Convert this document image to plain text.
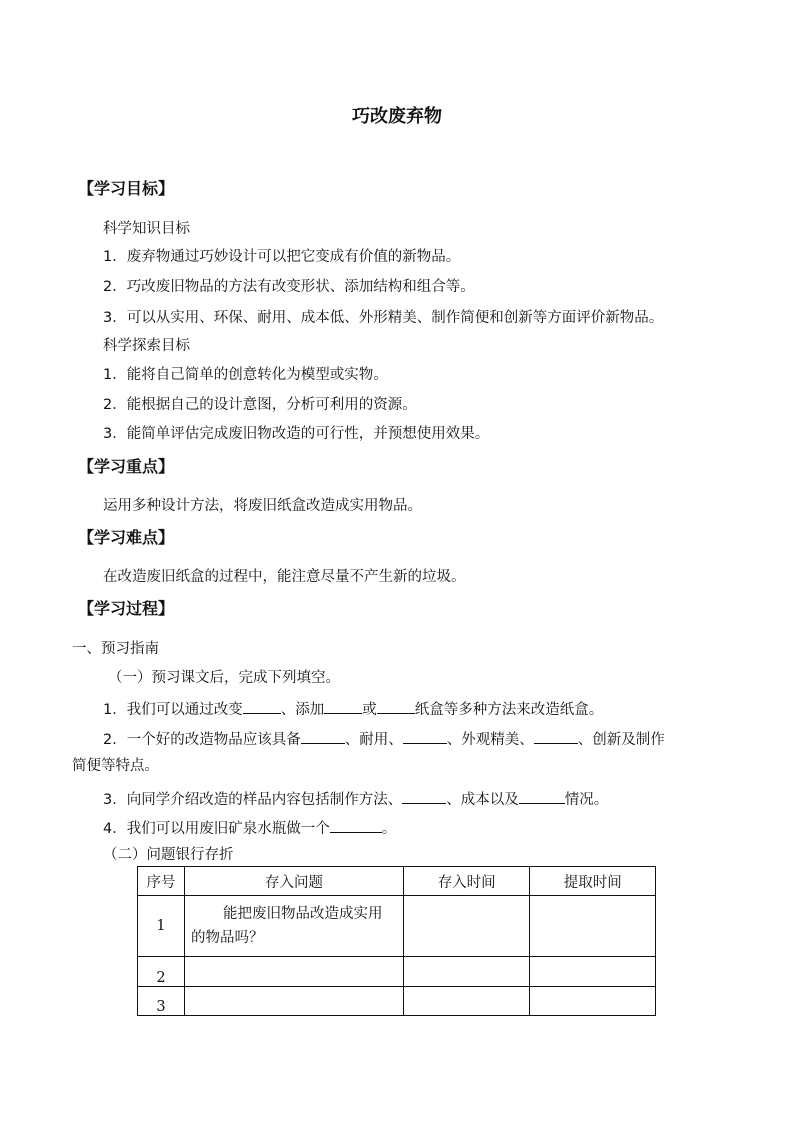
巧改废弃物
【学习目标】
科学知识目标
1．废弃物通过巧妙设计可以把它变成有价值的新物品。
2．巧改废旧物品的方法有改变形状、添加结构和组合等。
3．可以从实用、环保、耐用、成本低、外形精美、制作简便和创新等方面评价新物品。
科学探索目标
1．能将自己简单的创意转化为模型或实物。
2．能根据自己的设计意图，分析可利用的资源。
3．能简单评估完成废旧物改造的可行性，并预想使用效果。
【学习重点】
运用多种设计方法，将废旧纸盒改造成实用物品。
【学习难点】
在改造废旧纸盒的过程中，能注意尽量不产生新的垃圾。
【学习过程】
一、预习指南
（一）预习课文后，完成下列填空。
1．我们可以通过改变	、添加	或	纸盒等多种方法来改造纸盒。
2．一个好的改造物品应该具备	、耐用、	、外观精美、	、创新及制作
简便等特点。
3．向同学介绍改造的样品内容包括制作方法、	、成本以及	情况。
4．我们可以用废旧矿泉水瓶做一个	。
（二）问题银行存折
序号	存入问题	存入时间	提取时间
1	能把废旧物品改造成实用的物品吗？		
2			
3			
